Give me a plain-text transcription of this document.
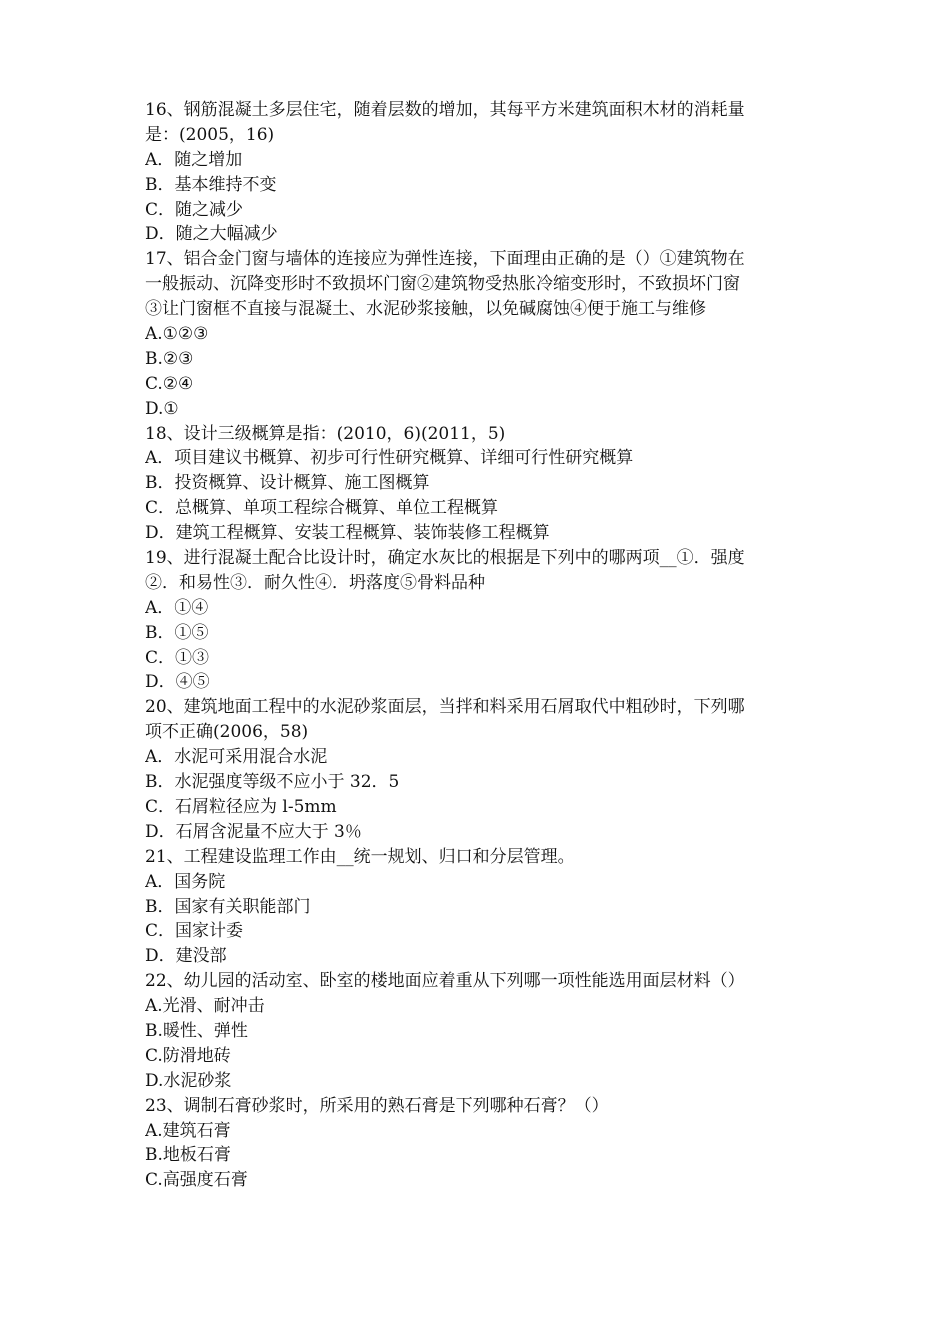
16、钢筋混凝土多层住宅，随着层数的增加，其每平方米建筑面积木材的消耗量
是：(2005，16)
A．随之增加
B．基本维持不变
C．随之减少
D．随之大幅减少
17、铝合金门窗与墙体的连接应为弹性连接，下面理由正确的是（）①建筑物在
一般振动、沉降变形时不致损坏门窗②建筑物受热胀冷缩变形时，不致损坏门窗
③让门窗框不直接与混凝土、水泥砂浆接触，以免碱腐蚀④便于施工与维修
A.①②③
B.②③
C.②④
D.①
18、设计三级概算是指：(2010，6)(2011，5)
A．项目建议书概算、初步可行性研究概算、详细可行性研究概算
B．投资概算、设计概算、施工图概算
C．总概算、单项工程综合概算、单位工程概算
D．建筑工程概算、安装工程概算、装饰装修工程概算
19、进行混凝土配合比设计时，确定水灰比的根据是下列中的哪两项__①．强度
②．和易性③．耐久性④．坍落度⑤骨料品种
A．①④
B．①⑤
C．①③
D．④⑤
20、建筑地面工程中的水泥砂浆面层，当拌和料采用石屑取代中粗砂时，下列哪
项不正确(2006，58)
A．水泥可采用混合水泥
B．水泥强度等级不应小于 32．5
C．石屑粒径应为 l-5mm
D．石屑含泥量不应大于 3％
21、工程建设监理工作由__统一规划、归口和分层管理。
A．国务院
B．国家有关职能部门
C．国家计委
D．建没部
22、幼儿园的活动室、卧室的楼地面应着重从下列哪一项性能选用面层材料（）
A.光滑、耐冲击
B.暖性、弹性
C.防滑地砖
D.水泥砂浆
23、调制石膏砂浆时，所采用的熟石膏是下列哪种石膏？（）
A.建筑石膏
B.地板石膏
C.高强度石膏
